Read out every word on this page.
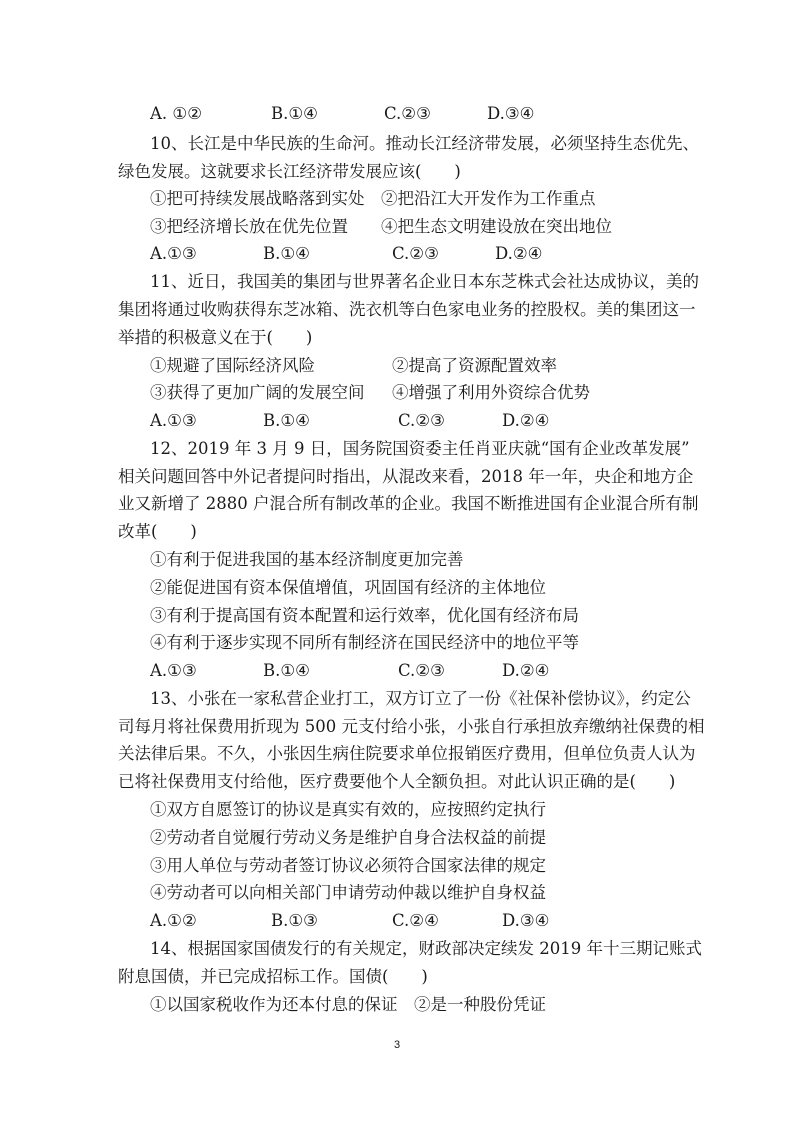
A. ①②	B.①④	C.②③	D.③④
10、长江是中华民族的生命河。推动长江经济带发展，必须坚持生态优先、
绿色发展。这就要求长江经济带发展应该(　　)
①把可持续发展战略落到实处　②把沿江大开发作为工作重点
③把经济增长放在优先位置　　④把生态文明建设放在突出地位
A.①③	B.①④	C.②③	D.②④
11、近日，我国美的集团与世界著名企业日本东芝株式会社达成协议，美的
集团将通过收购获得东芝冰箱、洗衣机等白色家电业务的控股权。美的集团这一
举措的积极意义在于(　　)
①规避了国际经济风险	②提高了资源配置效率
③获得了更加广阔的发展空间 ④增强了利用外资综合优势
A.①③	B.①④	C.②③	D.②④
12、2019 年 3 月 9 日，国务院国资委主任肖亚庆就“国有企业改革发展”
相关问题回答中外记者提问时指出，从混改来看，2018 年一年，央企和地方企
业又新增了 2880 户混合所有制改革的企业。我国不断推进国有企业混合所有制
改革(　　)
①有利于促进我国的基本经济制度更加完善
②能促进国有资本保值增值，巩固国有经济的主体地位
③有利于提高国有资本配置和运行效率，优化国有经济布局
④有利于逐步实现不同所有制经济在国民经济中的地位平等
A.①③	B.①④	C.②③	D.②④
13、小张在一家私营企业打工，双方订立了一份《社保补偿协议》，约定公
司每月将社保费用折现为 500 元支付给小张，小张自行承担放弃缴纳社保费的相
关法律后果。不久，小张因生病住院要求单位报销医疗费用，但单位负责人认为
已将社保费用支付给他，医疗费要他个人全额负担。对此认识正确的是(　　)
①双方自愿签订的协议是真实有效的，应按照约定执行
②劳动者自觉履行劳动义务是维护自身合法权益的前提
③用人单位与劳动者签订协议必须符合国家法律的规定
④劳动者可以向相关部门申请劳动仲裁以维护自身权益
A.①②	B.①③	C.②④	D.③④
14、根据国家国债发行的有关规定，财政部决定续发 2019 年十三期记账式
附息国债，并已完成招标工作。国债(　　)
①以国家税收作为还本付息的保证　②是一种股份凭证
3
